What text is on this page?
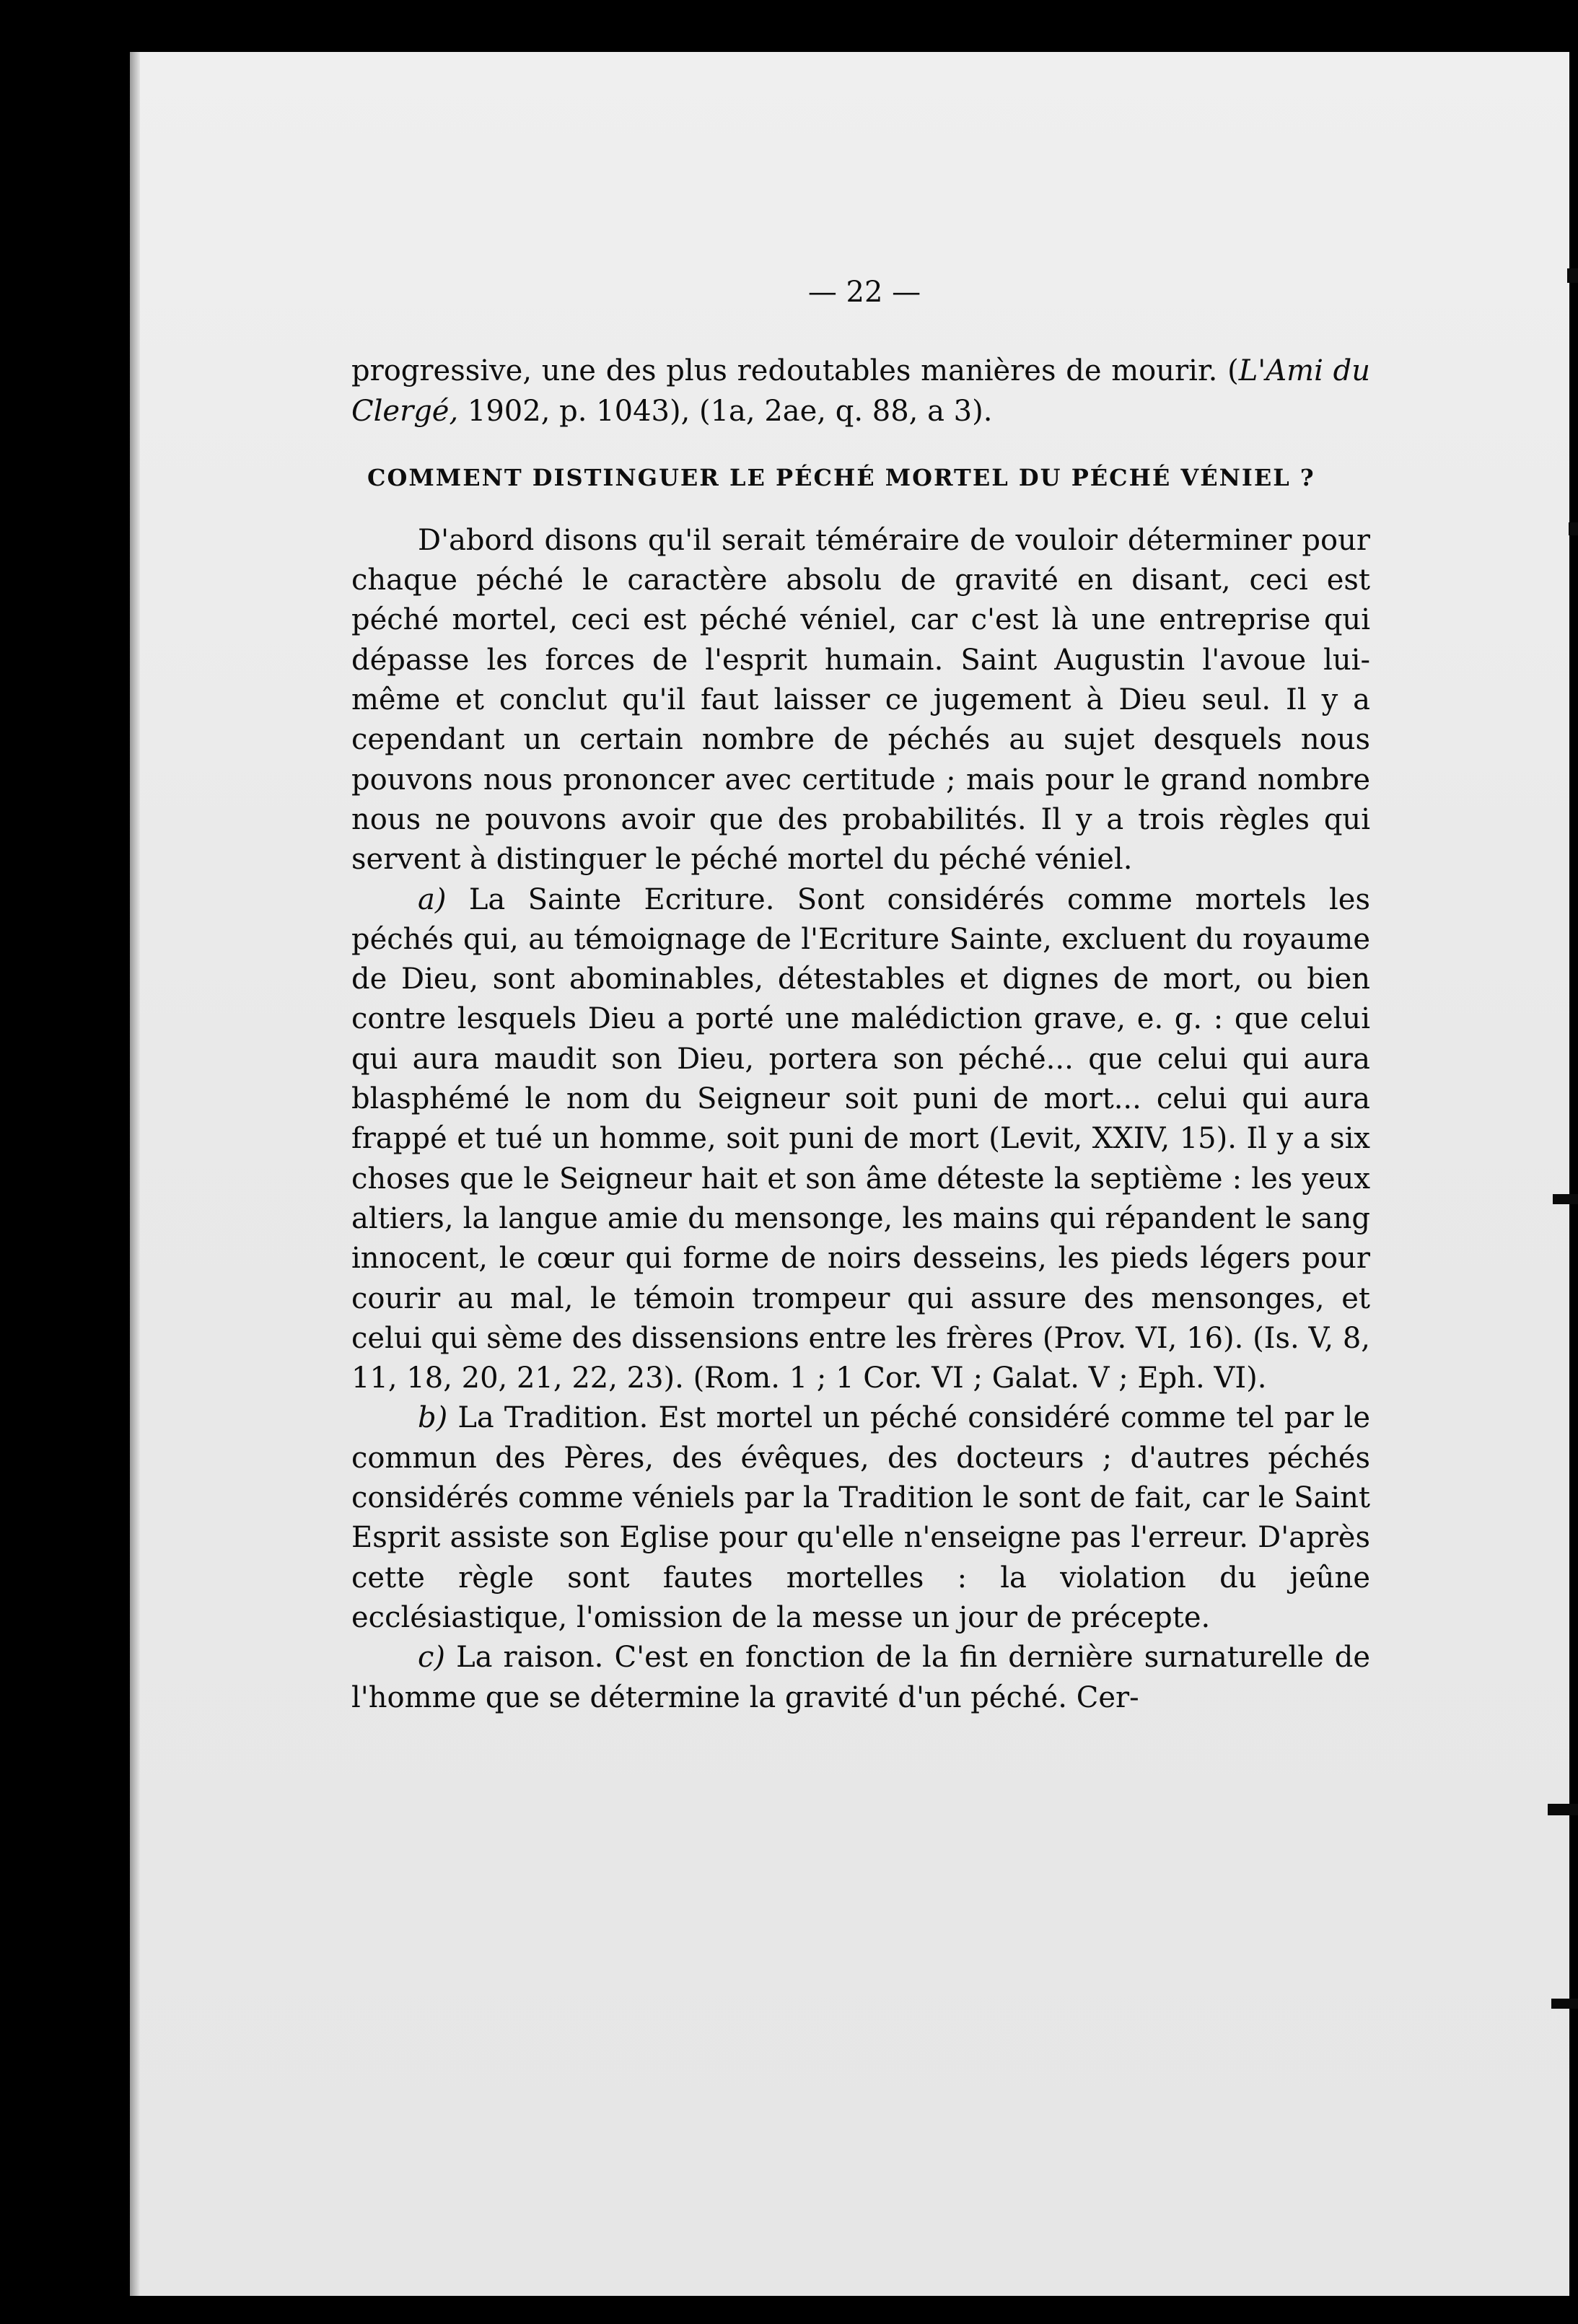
— 22 —

progressive, une des plus redoutables manières de mourir. (L'Ami du Clergé, 1902, p. 1043), (1a, 2ae, q. 88, a 3).

COMMENT DISTINGUER LE PÉCHÉ MORTEL DU PÉCHÉ VÉNIEL ?

D'abord disons qu'il serait téméraire de vouloir déterminer pour chaque péché le caractère absolu de gravité en disant, ceci est péché mortel, ceci est péché véniel, car c'est là une entreprise qui dépasse les forces de l'esprit humain. Saint Augustin l'avoue lui-même et conclut qu'il faut laisser ce jugement à Dieu seul. Il y a cependant un certain nombre de péchés au sujet desquels nous pouvons nous prononcer avec certitude ; mais pour le grand nombre nous ne pouvons avoir que des probabilités. Il y a trois règles qui servent à distinguer le péché mortel du péché véniel.

a) La Sainte Ecriture. Sont considérés comme mortels les péchés qui, au témoignage de l'Ecriture Sainte, excluent du royaume de Dieu, sont abominables, détestables et dignes de mort, ou bien contre lesquels Dieu a porté une malédiction grave, e. g. : que celui qui aura maudit son Dieu, portera son péché... que celui qui aura blasphémé le nom du Seigneur soit puni de mort... celui qui aura frappé et tué un homme, soit puni de mort (Levit, XXIV, 15). Il y a six choses que le Seigneur hait et son âme déteste la septième : les yeux altiers, la langue amie du mensonge, les mains qui répandent le sang innocent, le cœur qui forme de noirs desseins, les pieds légers pour courir au mal, le témoin trompeur qui assure des mensonges, et celui qui sème des dissensions entre les frères (Prov. VI, 16). (Is. V, 8, 11, 18, 20, 21, 22, 23). (Rom. 1 ; 1 Cor. VI ; Galat. V ; Eph. VI).

b) La Tradition. Est mortel un péché considéré comme tel par le commun des Pères, des évêques, des docteurs ; d'autres péchés considérés comme véniels par la Tradition le sont de fait, car le Saint Esprit assiste son Eglise pour qu'elle n'enseigne pas l'erreur. D'après cette règle sont fautes mortelles : la violation du jeûne ecclésiastique, l'omission de la messe un jour de précepte.

c) La raison. C'est en fonction de la fin dernière surnaturelle de l'homme que se détermine la gravité d'un péché. Cer-
